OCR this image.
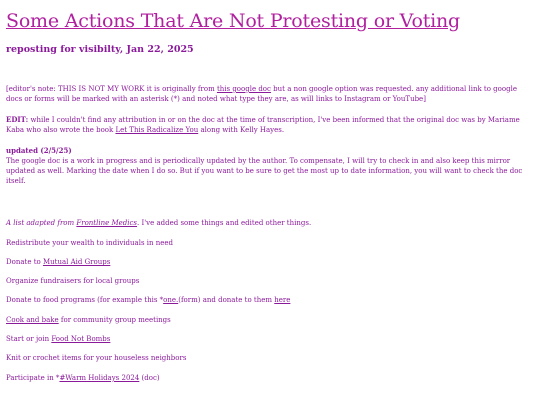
Some Actions That Are Not Protesting or Voting
reposting for visibilty, Jan 22, 2025
[editor's note: THIS IS NOT MY WORK it is originally from this google doc but a non google option was requested. any additional link to google docs or forms will be marked with an asterisk (*) and noted what type they are, as will links to Instagram or YouTube]
EDIT: while I couldn't find any attribution in or on the doc at the time of transcription, I've been informed that the original doc was by Mariame Kaba who also wrote the book Let This Radicalize You along with Kelly Hayes.
updated (2/5/25)
The google doc is a work in progress and is periodically updated by the author. To compensate, I will try to check in and also keep this mirror updated as well. Marking the date when I do so. But if you want to be sure to get the most up to date information, you will want to check the doc itself.
A list adapted from Frontline Medics. I've added some things and edited other things.
Redistribute your wealth to individuals in need
Donate to Mutual Aid Groups
Organize fundraisers for local groups
Donate to food programs (for example this *one.(form) and donate to them here
Cook and bake for community group meetings
Start or join Food Not Bombs
Knit or crochet items for your houseless neighbors
Participate in *#Warm Holidays 2024 (doc)
